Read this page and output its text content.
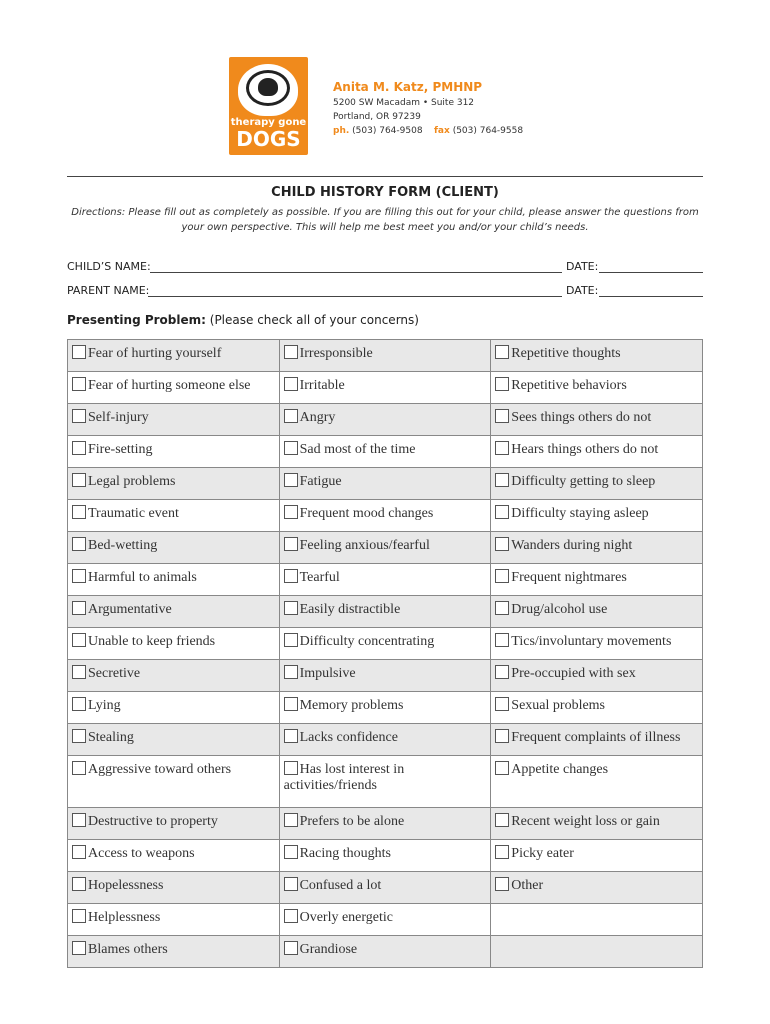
therapy gone
DOGS
Anita M. Katz, PMHNP
5200 SW Macadam • Suite 312
Portland, OR 97239
ph. (503) 764-9508 fax (503) 764-9558
CHILD HISTORY FORM (CLIENT)
Directions: Please fill out as completely as possible. If you are filling this out for your child, please answer the questions from your own perspective. This will help me best meet you and/or your child’s needs.
CHILD’S NAME:	DATE:
PARENT NAME:	DATE:
Presenting Problem: (Please check all of your concerns)
Fear of hurting yourself	Irresponsible	Repetitive thoughts
Fear of hurting someone else	Irritable	Repetitive behaviors
Self-injury	Angry	Sees things others do not
Fire-setting	Sad most of the time	Hears things others do not
Legal problems	Fatigue	Difficulty getting to sleep
Traumatic event	Frequent mood changes	Difficulty staying asleep
Bed-wetting	Feeling anxious/fearful	Wanders during night
Harmful to animals	Tearful	Frequent nightmares
Argumentative	Easily distractible	Drug/alcohol use
Unable to keep friends	Difficulty concentrating	Tics/involuntary movements
Secretive	Impulsive	Pre-occupied with sex
Lying	Memory problems	Sexual problems
Stealing	Lacks confidence	Frequent complaints of illness
Aggressive toward others	Has lost interest in activities/friends	Appetite changes
Destructive to property	Prefers to be alone	Recent weight loss or gain
Access to weapons	Racing thoughts	Picky eater
Hopelessness	Confused a lot	Other
Helplessness	Overly energetic	
Blames others	Grandiose	
